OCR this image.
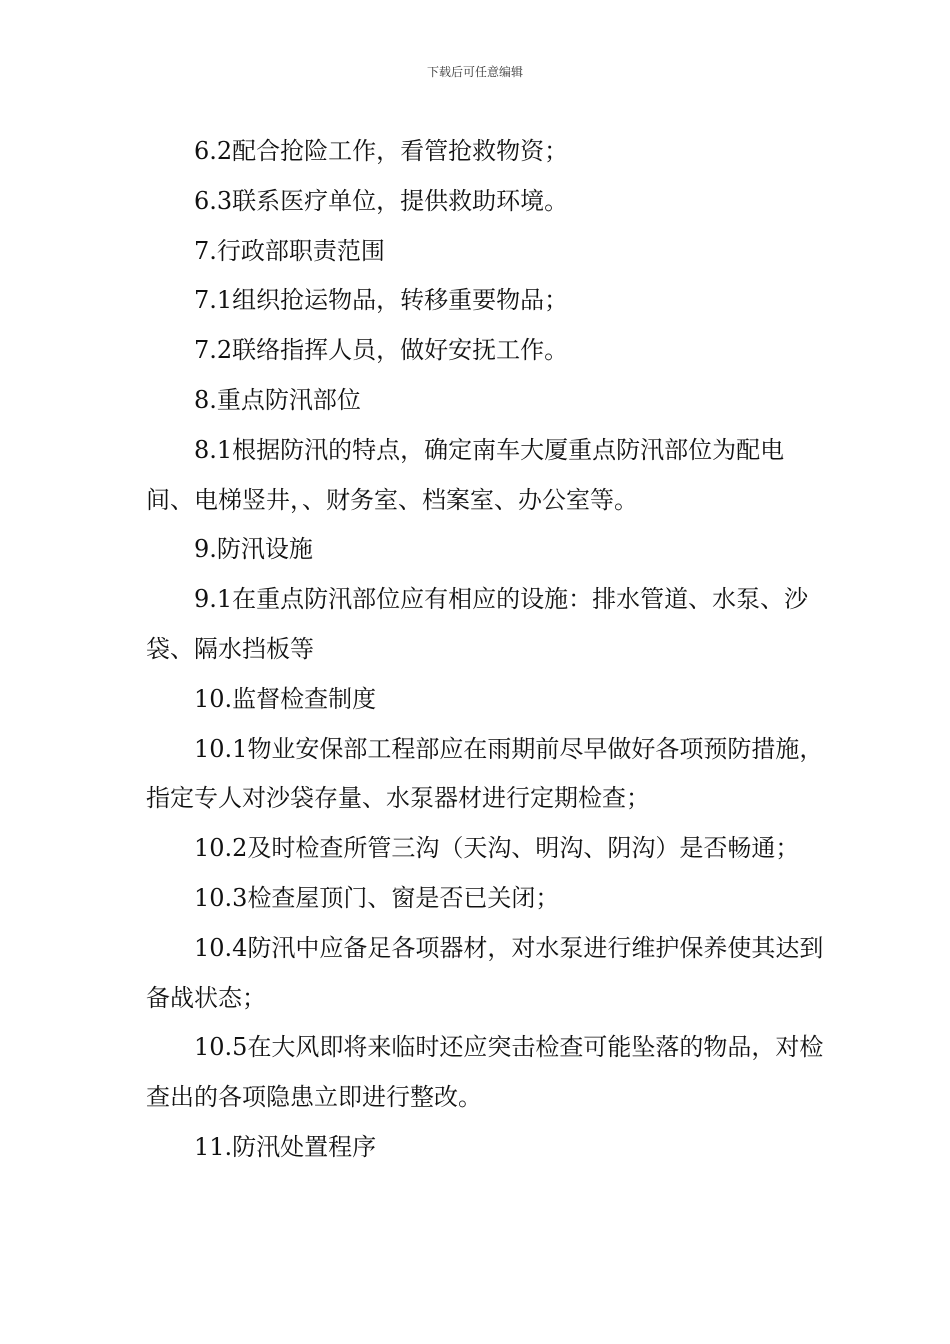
下载后可任意编辑

6.2配合抢险工作，看管抢救物资；

6.3联系医疗单位，提供救助环境。

7.行政部职责范围

7.1组织抢运物品，转移重要物品；

7.2联络指挥人员，做好安抚工作。

8.重点防汛部位

8.1根据防汛的特点，确定南车大厦重点防汛部位为配电间、电梯竖井，、财务室、档案室、办公室等。

9.防汛设施

9.1在重点防汛部位应有相应的设施：排水管道、水泵、沙袋、隔水挡板等

10.监督检查制度

10.1物业安保部工程部应在雨期前尽早做好各项预防措施，指定专人对沙袋存量、水泵器材进行定期检查；

10.2及时检查所管三沟（天沟、明沟、阴沟）是否畅通；

10.3检查屋顶门、窗是否已关闭；

10.4防汛中应备足各项器材，对水泵进行维护保养使其达到备战状态；

10.5在大风即将来临时还应突击检查可能坠落的物品，对检查出的各项隐患立即进行整改。

11.防汛处置程序
